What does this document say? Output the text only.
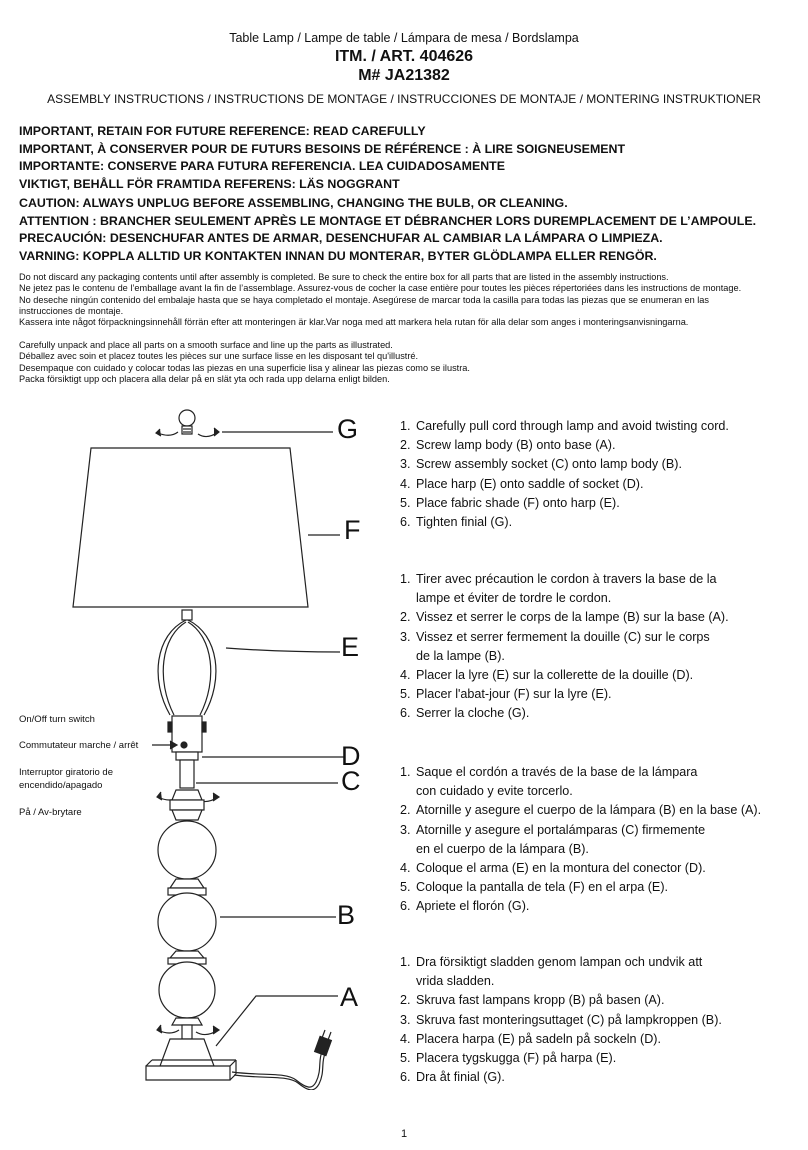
Table Lamp / Lampe de table / Lámpara de mesa / Bordslampa
ITM. / ART. 404626
M# JA21382
ASSEMBLY INSTRUCTIONS / INSTRUCTIONS DE MONTAGE / INSTRUCCIONES DE MONTAJE / MONTERING INSTRUKTIONER
IMPORTANT, RETAIN FOR FUTURE REFERENCE: READ CAREFULLY
IMPORTANT, À CONSERVER POUR DE FUTURS BESOINS DE RÉFÉRENCE : À LIRE SOIGNEUSEMENT
IMPORTANTE: CONSERVE PARA FUTURA REFERENCIA. LEA CUIDADOSAMENTE
VIKTIGT, BEHÅLL FÖR FRAMTIDA REFERENS: LÄS NOGGRANT
CAUTION: ALWAYS UNPLUG BEFORE ASSEMBLING, CHANGING THE BULB, OR CLEANING.
ATTENTION : BRANCHER SEULEMENT APRÈS LE MONTAGE ET DÉBRANCHER LORS DUREMPLACEMENT DE L’AMPOULE.
PRECAUCIÓN: DESENCHUFAR ANTES DE ARMAR, DESENCHUFAR AL CAMBIAR LA LÁMPARA O LIMPIEZA.
VARNING: KOPPLA ALLTID UR KONTAKTEN INNAN DU MONTERAR, BYTER GLÖDLAMPA ELLER RENGÖR.
Do not discard any packaging contents until after assembly is completed. Be sure to check the entire box for all parts that are listed in the assembly instructions.
Ne jetez pas le contenu de l’emballage avant la fin de l’assemblage. Assurez-vous de cocher la case entière pour toutes les pièces répertoriées dans les instructions de montage.
No deseche ningún contenido del embalaje hasta que se haya completado el montaje. Asegúrese de marcar toda la casilla para todas las piezas que se enumeran en las
instrucciones de montaje.
Kassera inte något förpackningsinnehåll förrän efter att monteringen är klar.Var noga med att markera hela rutan för alla delar som anges i monteringsanvisningarna.
Carefully unpack and place all parts on a smooth surface and line up the parts as illustrated.
Déballez avec soin et placez toutes les pièces sur une surface lisse en les disposant tel qu'illustré.
Desempaque con cuidado y colocar todas las piezas en una superficie lisa y alinear las piezas como se ilustra.
Packa försiktigt upp och placera alla delar på en slät yta och rada upp delarna enligt bilden.
G
F
E
D
C
B
A
On/Off turn switch
Commutateur marche / arrêt
Interruptor giratorio de
encendido/apagado
På / Av-brytare
1. Carefully pull cord through lamp and avoid twisting cord.
2. Screw lamp body (B) onto base (A).
3. Screw assembly socket (C) onto lamp body (B).
4. Place harp (E) onto saddle of socket (D).
5. Place fabric shade (F) onto harp (E).
6. Tighten finial (G).
1. Tirer avec précaution le cordon à travers la base de la
lampe et éviter de tordre le cordon.
2. Vissez et serrer le corps de la lampe (B) sur la base (A).
3. Vissez et serrer fermement la douille (C) sur le corps
de la lampe (B).
4. Placer la lyre (E) sur la collerette de la douille (D).
5. Placer l'abat-jour (F) sur la lyre (E).
6. Serrer la cloche (G).
1. Saque el cordón a través de la base de la lámpara
con cuidado y evite torcerlo.
2. Atornille y asegure el cuerpo de la lámpara (B) en la base (A).
3. Atornille y asegure el portalámparas (C) firmemente
en el cuerpo de la lámpara (B).
4. Coloque el arma (E) en la montura del conector (D).
5. Coloque la pantalla de tela (F) en el arpa (E).
6. Apriete el florón (G).
1. Dra försiktigt sladden genom lampan och undvik att
vrida sladden.
2. Skruva fast lampans kropp (B) på basen (A).
3. Skruva fast monteringsuttaget (C) på lampkroppen (B).
4. Placera harpa (E) på sadeln på sockeln (D).
5. Placera tygskugga (F) på harpa (E).
6. Dra åt finial (G).
1
